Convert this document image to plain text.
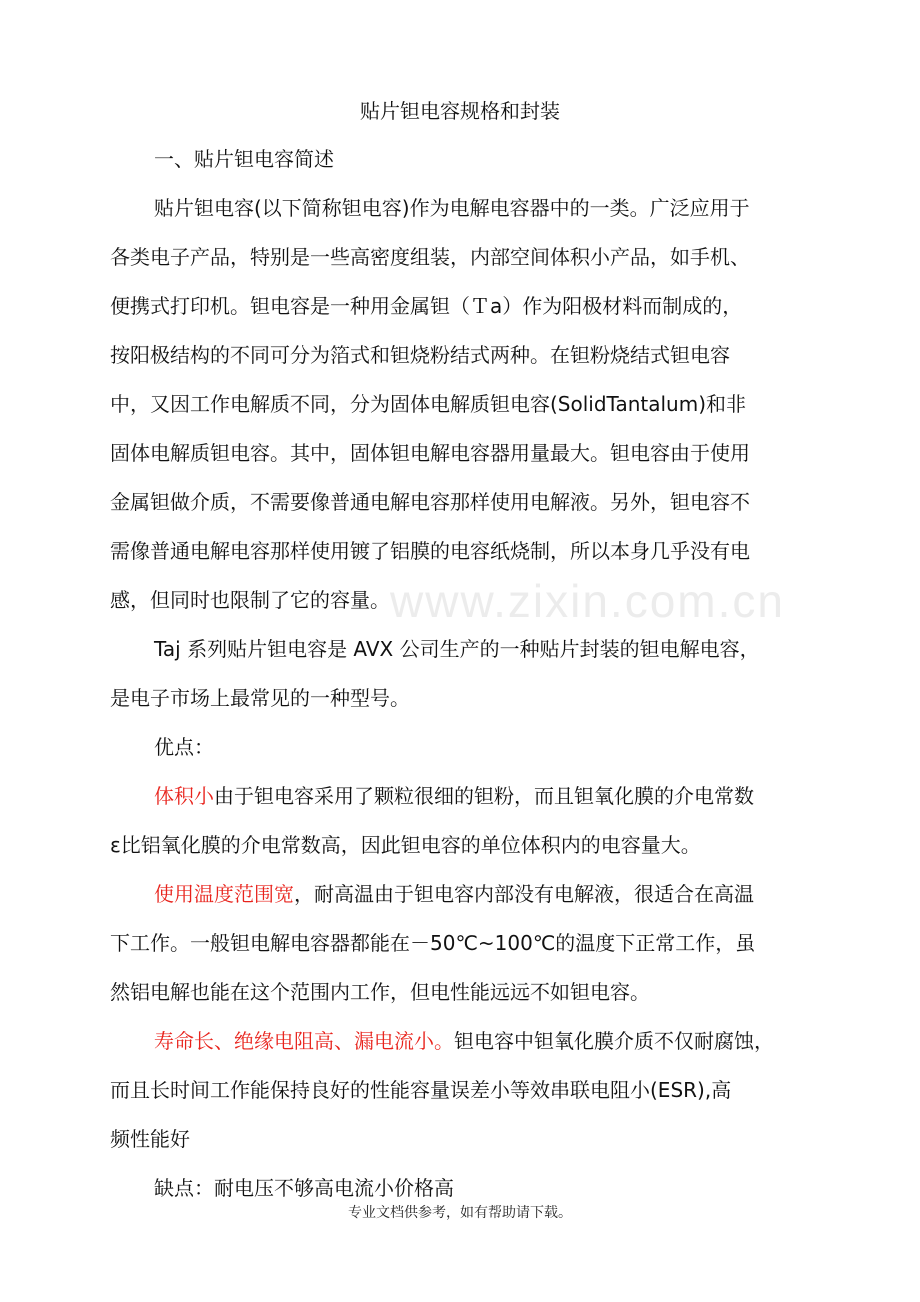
www.zixin.com.cn
贴片钽电容规格和封装
一、贴片钽电容简述
贴片钽电容(以下简称钽电容)作为电解电容器中的一类。广泛应用于
各类电子产品，特别是一些高密度组装，内部空间体积小产品，如手机、
便携式打印机。钽电容是一种用金属钽（Ｔa）作为阳极材料而制成的，
按阳极结构的不同可分为箔式和钽烧粉结式两种。在钽粉烧结式钽电容
中，又因工作电解质不同，分为固体电解质钽电容(SolidTantalum)和非
固体电解质钽电容。其中，固体钽电解电容器用量最大。钽电容由于使用
金属钽做介质，不需要像普通电解电容那样使用电解液。另外，钽电容不
需像普通电解电容那样使用镀了铝膜的电容纸烧制，所以本身几乎没有电
感，但同时也限制了它的容量。
Taj 系列贴片钽电容是 AVX 公司生产的一种贴片封装的钽电解电容，
是电子市场上最常见的一种型号。
优点：
体积小由于钽电容采用了颗粒很细的钽粉，而且钽氧化膜的介电常数
ε比铝氧化膜的介电常数高，因此钽电容的单位体积内的电容量大。
使用温度范围宽，耐高温由于钽电容内部没有电解液，很适合在高温
下工作。一般钽电解电容器都能在－50℃~100℃的温度下正常工作，虽
然铝电解也能在这个范围内工作，但电性能远远不如钽电容。
寿命长、绝缘电阻高、漏电流小。钽电容中钽氧化膜介质不仅耐腐蚀，
而且长时间工作能保持良好的性能容量误差小等效串联电阻小(ESR),高
频性能好
缺点：耐电压不够高电流小价格高
专业文档供参考，如有帮助请下载。
